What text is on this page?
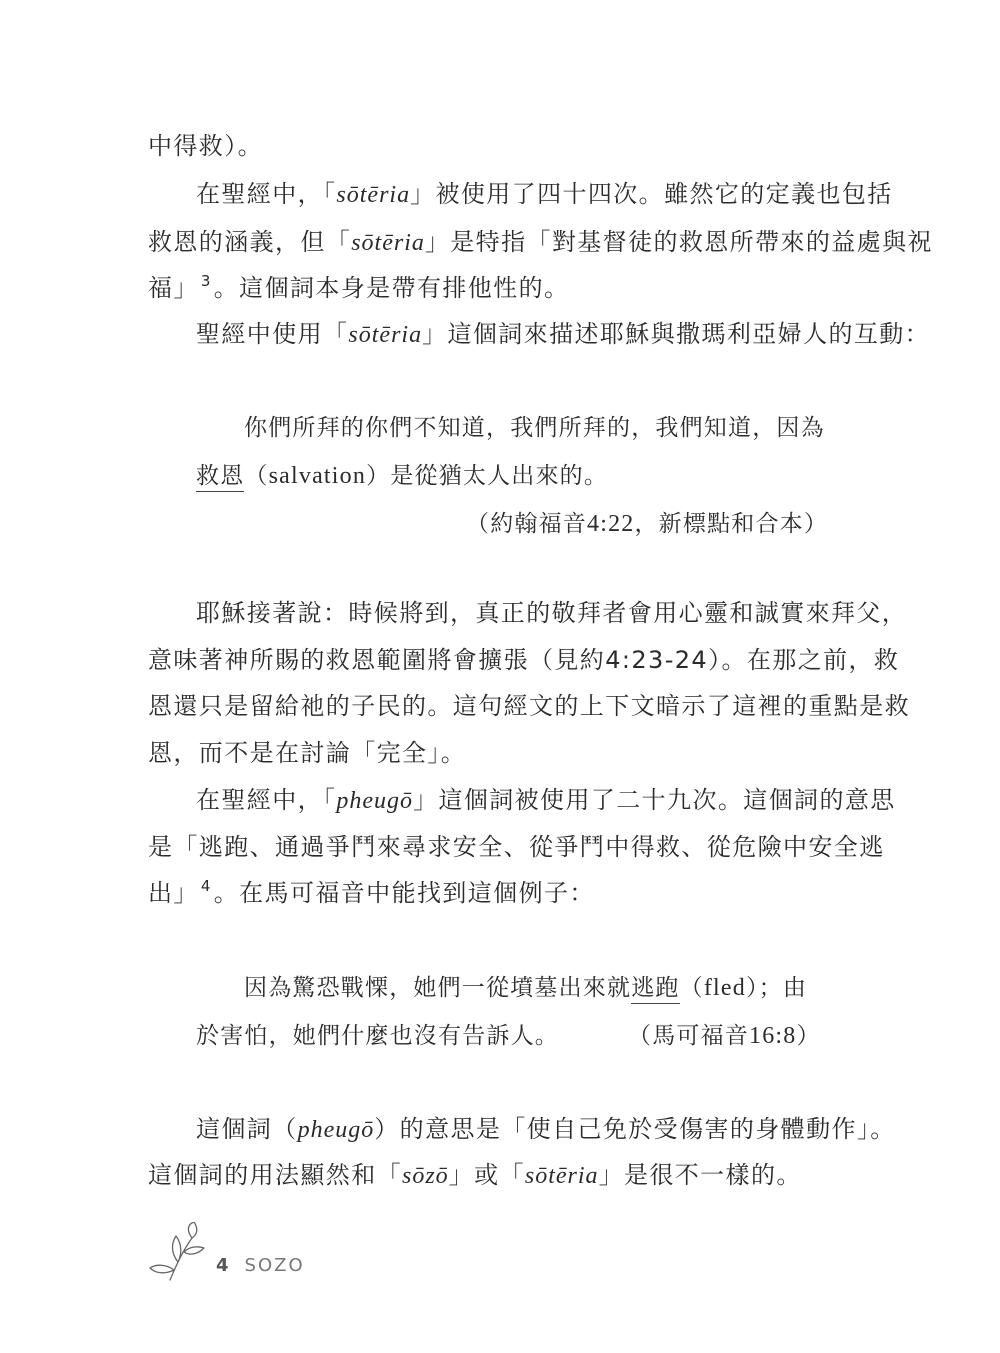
中得救）。
在聖經中，「sōtēria」被使用了四十四次。雖然它的定義也包括
救恩的涵義，但「sōtēria」是特指「對基督徒的救恩所帶來的益處與祝
福」 $^3$。這個詞本身是帶有排他性的。
聖經中使用「sōtēria」這個詞來描述耶穌與撒瑪利亞婦人的互動：
你們所拜的你們不知道，我們所拜的，我們知道，因為
救恩（salvation）是從猶太人出來的。
（約翰福音4:22，新標點和合本）
耶穌接著說：時候將到，真正的敬拜者會用心靈和誠實來拜父，
意味著神所賜的救恩範圍將會擴張（見約4:23-24）。在那之前，救
恩還只是留給祂的子民的。這句經文的上下文暗示了這裡的重點是救
恩，而不是在討論「完全」。
在聖經中，「pheugō」這個詞被使用了二十九次。這個詞的意思
是「逃跑、通過爭鬥來尋求安全、從爭鬥中得救、從危險中安全逃
出」 $^4$。在馬可福音中能找到這個例子：
因為驚恐戰慄，她們一從墳墓出來就逃跑（fled）；由
於害怕，她們什麼也沒有告訴人。	（馬可福音16:8）
這個詞（pheugō）的意思是「使自己免於受傷害的身體動作」。
這個詞的用法顯然和「sōzō」或「sōtēria」是很不一樣的。
4 SOZO
